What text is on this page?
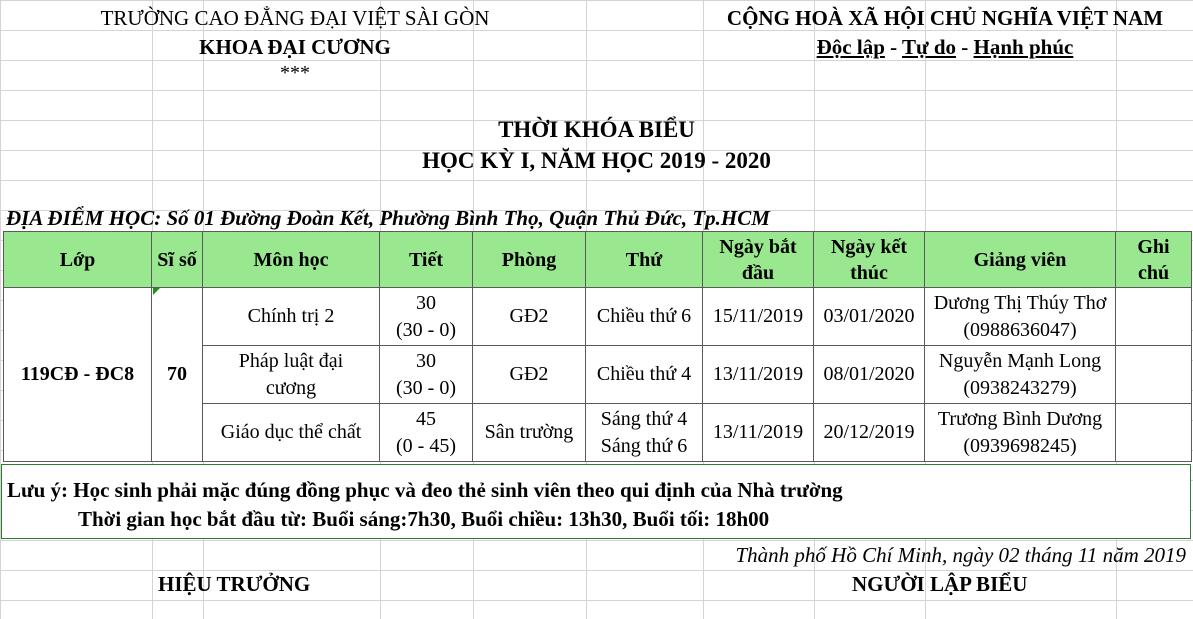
TRƯỜNG CAO ĐẲNG ĐẠI VIỆT SÀI GÒN
KHOA ĐẠI CƯƠNG
***
CỘNG HOÀ XÃ HỘI CHỦ NGHĨA VIỆT NAM
Độc lập - Tự do - Hạnh phúc
THỜI KHÓA BIỂU
HỌC KỲ I, NĂM HỌC 2019 - 2020
ĐỊA ĐIỂM HỌC: Số 01 Đường Đoàn Kết, Phường Bình Thọ, Quận Thủ Đức, Tp.HCM
Lớp	Sĩ số	Môn học	Tiết	Phòng	Thứ	Ngày bắt
đầu	Ngày kết
thúc	Giảng viên	Ghi
chú

119CĐ - ĐC8	70	Chính trị 2	30
(30 - 0)	GĐ2	Chiều thứ 6	15/11/2019	03/01/2020	Dương Thị Thúy Thơ
(0988636047)	

		Pháp luật đại
cương	30
(30 - 0)	GĐ2	Chiều thứ 4	13/11/2019	08/01/2020	Nguyễn Mạnh Long
(0938243279)	

		Giáo dục thể chất	45
(0 - 45)	Sân trường	Sáng thứ 4
Sáng thứ 6	13/11/2019	20/12/2019	Trương Bình Dương
(0939698245)	

Lưu ý: Học sinh phải mặc đúng đồng phục và đeo thẻ sinh viên theo qui định của Nhà trường
Thời gian học bắt đầu từ: Buổi sáng:7h30, Buổi chiều: 13h30, Buổi tối: 18h00
Thành phố Hồ Chí Minh, ngày 02 tháng 11 năm 2019
HIỆU TRƯỞNG	NGƯỜI LẬP BIỂU
